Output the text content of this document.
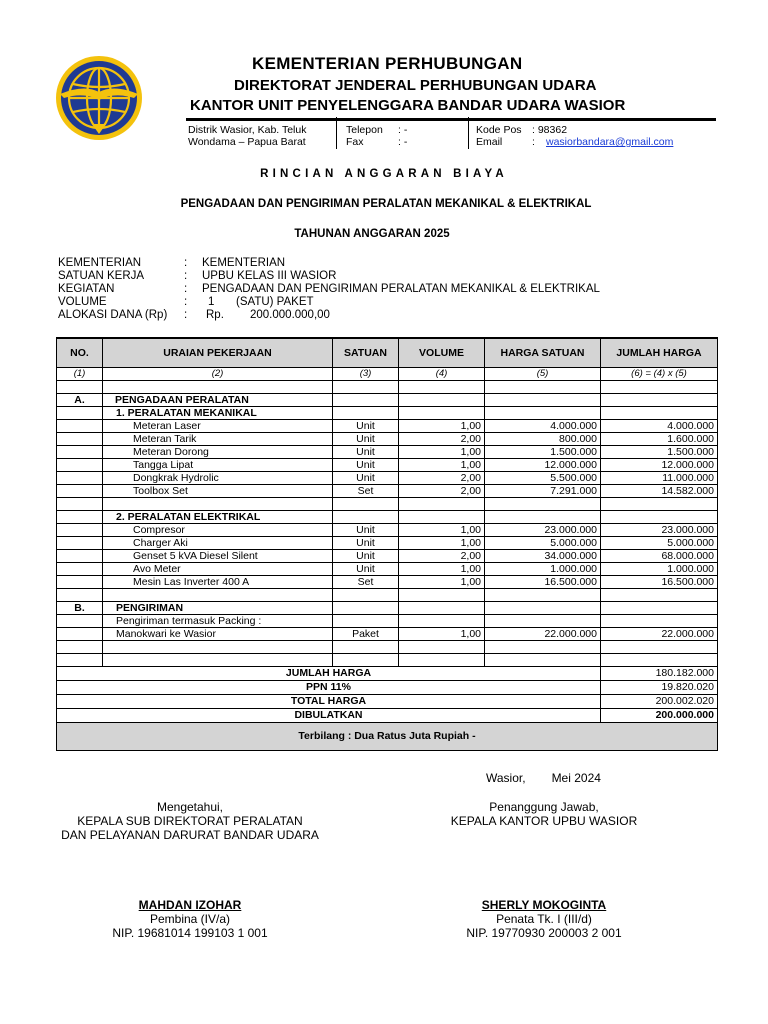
KEMENTERIAN PERHUBUNGAN
DIREKTORAT JENDERAL PERHUBUNGAN UDARA
KANTOR UNIT PENYELENGGARA BANDAR UDARA WASIOR
Distrik Wasior, Kab. Teluk
Wondama – Papua Barat
Telepon : -
Fax	: -
Kode Pos : 98362
Email	: wasiorbandara@gmail.com
RINCIAN ANGGARAN BIAYA
PENGADAAN DAN PENGIRIMAN PERALATAN MEKANIKAL & ELEKTRIKAL
TAHUNAN ANGGARAN 2025
KEMENTERIAN	: KEMENTERIAN
SATUAN KERJA	: UPBU KELAS III WASIOR
KEGIATAN	: PENGADAAN DAN PENGIRIMAN PERALATAN MEKANIKAL & ELEKTRIKAL
VOLUME	: 1 (SATU) PAKET
ALOKASI DANA (Rp) : Rp. 200.000.000,00
NO.	URAIAN PEKERJAAN	SATUAN	VOLUME	HARGA SATUAN	JUMLAH HARGA
(1)	(2)	(3)	(4)	(5)	(6) = (4) x (5)

A.	PENGADAAN PERALATAN				
	1. PERALATAN MEKANIKAL				
	Meteran Laser	Unit	1,00	4.000.000	4.000.000
	Meteran Tarik	Unit	2,00	800.000	1.600.000
	Meteran Dorong	Unit	1,00	1.500.000	1.500.000
	Tangga Lipat	Unit	1,00	12.000.000	12.000.000
	Dongkrak Hydrolic	Unit	2,00	5.500.000	11.000.000
	Toolbox Set	Set	2,00	7.291.000	14.582.000

	2. PERALATAN ELEKTRIKAL				
	Compresor	Unit	1,00	23.000.000	23.000.000
	Charger Aki	Unit	1,00	5.000.000	5.000.000
	Genset 5 kVA Diesel Silent	Unit	2,00	34.000.000	68.000.000
	Avo Meter	Unit	1,00	1.000.000	1.000.000
	Mesin Las Inverter 400 A	Set	1,00	16.500.000	16.500.000

B.	PENGIRIMAN				
	Pengiriman termasuk Packing :				
	Manokwari ke Wasior	Paket	1,00	22.000.000	22.000.000

JUMLAH HARGA					180.182.000
PPN 11%					19.820.020
TOTAL HARGA					200.002.020
DIBULATKAN					200.000.000
Terbilang : Dua Ratus Juta Rupiah -					
Wasior, Mei 2024
Mengetahui,
KEPALA SUB DIREKTORAT PERALATAN
DAN PELAYANAN DARURAT BANDAR UDARA
MAHDAN IZOHAR
Pembina (IV/a)
NIP. 19681014 199103 1 001
Penanggung Jawab,
KEPALA KANTOR UPBU WASIOR
SHERLY MOKOGINTA
Penata Tk. I (III/d)
NIP. 19770930 200003 2 001
